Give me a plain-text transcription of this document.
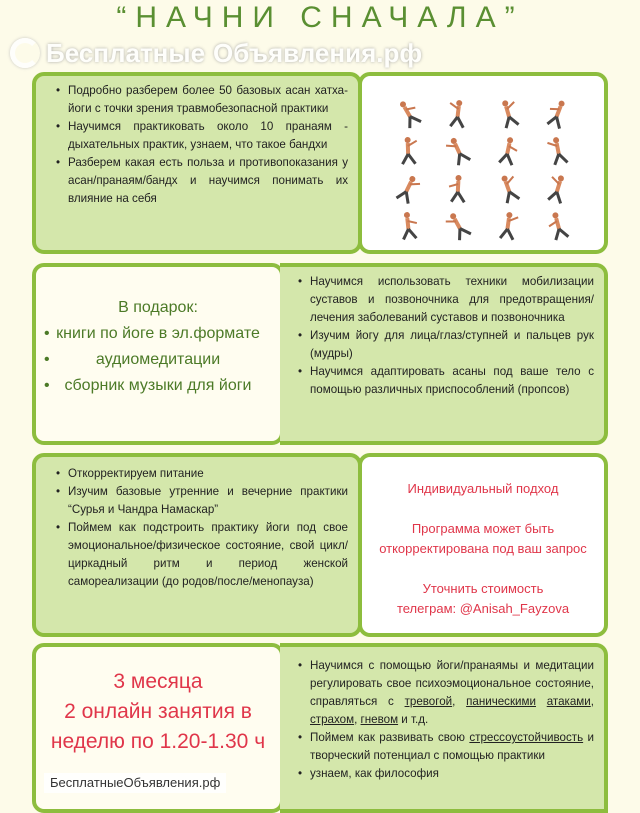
“НАЧНИ СНАЧАЛА”
Бесплатные Объявления.рф
• Подробно разберем более 50 базовых асан хатха-йоги с точки зрения травмобезопасной практики
• Научимся практиковать около 10 пранаям - дыхательных практик, узнаем, что такое бандхи
• Разберем какая есть польза и противопоказания у асан/пранаям/бандх и научимся понимать их влияние на себя
В подарок:
• книги по йоге в эл.формате
• аудиомедитации
• сборник музыки для йоги
• Научимся использовать техники мобилизации суставов и позвоночника для предотвращения/лечения заболеваний суставов и позвоночника
• Изучим йогу для лица/глаз/ступней и пальцев рук (мудры)
• Научимся адаптировать асаны под ваше тело с помощью различных приспособлений (пропсов)
• Откорректируем питание
• Изучим базовые утренние и вечерние практики “Сурья и Чандра Намаскар”
• Поймем как подстроить практику йоги под свое эмоциональное/физическое состояние, свой цикл/циркадный ритм и период женской самореализации (до родов/после/менопауза)
Индивидуальный подход
Программа может быть откорректирована под ваш запрос
Уточнить стоимость
телеграм: @Anisah_Fayzova
3 месяца
2 онлайн занятия в
неделю по 1.20-1.30 ч
• Научимся с помощью йоги/пранаямы и медитации регулировать свое психоэмоциональное состояние, справляться с тревогой, паническими атаками, страхом, гневом и т.д.
• Поймем как развивать свою стрессоустойчивость и творческий потенциал с помощью практики
• узнаем, как философия
БесплатныеОбъявления.рф
